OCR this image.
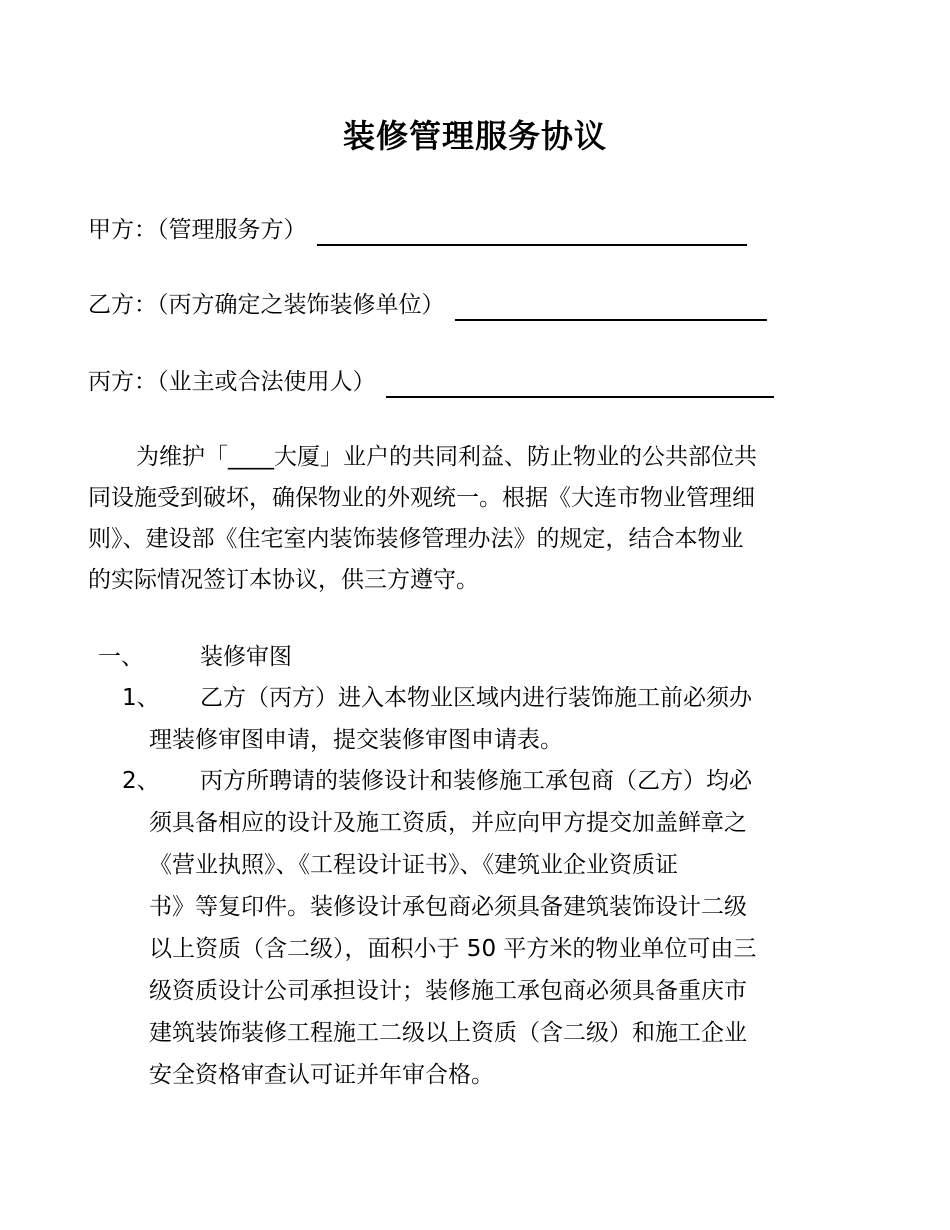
装修管理服务协议
甲方：（管理服务方）
乙方：（丙方确定之装饰装修单位）
丙方：（业主或合法使用人）
为维护「____大厦」业户的共同利益、防止物业的公共部位共
同设施受到破坏，确保物业的外观统一。根据《大连市物业管理细
则》、建设部《住宅室内装饰装修管理办法》的规定，结合本物业
的实际情况签订本协议，供三方遵守。
一、	装修审图
1、	乙方（丙方）进入本物业区域内进行装饰施工前必须办
理装修审图申请，提交装修审图申请表。
2、	丙方所聘请的装修设计和装修施工承包商（乙方）均必
须具备相应的设计及施工资质，并应向甲方提交加盖鲜章之
《营业执照》、《工程设计证书》、《建筑业企业资质证
书》等复印件。装修设计承包商必须具备建筑装饰设计二级
以上资质（含二级），面积小于 50 平方米的物业单位可由三
级资质设计公司承担设计；装修施工承包商必须具备重庆市
建筑装饰装修工程施工二级以上资质（含二级）和施工企业
安全资格审查认可证并年审合格。
